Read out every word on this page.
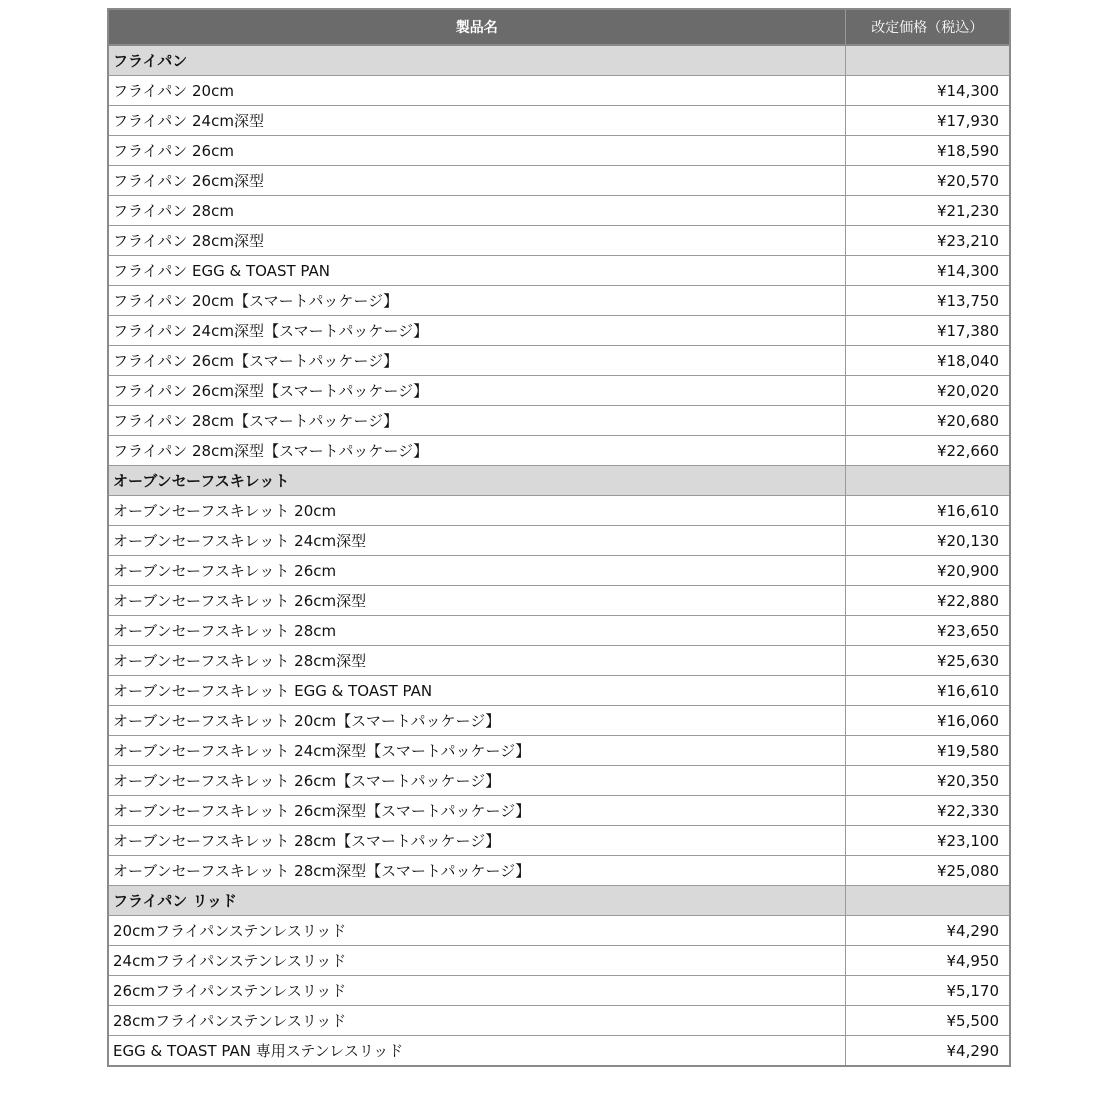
製品名	改定価格（税込）
フライパン	
フライパン 20cm	¥14,300
フライパン 24cm深型	¥17,930
フライパン 26cm	¥18,590
フライパン 26cm深型	¥20,570
フライパン 28cm	¥21,230
フライパン 28cm深型	¥23,210
フライパン EGG & TOAST PAN	¥14,300
フライパン 20cm【スマートパッケージ】	¥13,750
フライパン 24cm深型【スマートパッケージ】	¥17,380
フライパン 26cm【スマートパッケージ】	¥18,040
フライパン 26cm深型【スマートパッケージ】	¥20,020
フライパン 28cm【スマートパッケージ】	¥20,680
フライパン 28cm深型【スマートパッケージ】	¥22,660
オーブンセーフスキレット	
オーブンセーフスキレット 20cm	¥16,610
オーブンセーフスキレット 24cm深型	¥20,130
オーブンセーフスキレット 26cm	¥20,900
オーブンセーフスキレット 26cm深型	¥22,880
オーブンセーフスキレット 28cm	¥23,650
オーブンセーフスキレット 28cm深型	¥25,630
オーブンセーフスキレット EGG & TOAST PAN	¥16,610
オーブンセーフスキレット 20cm【スマートパッケージ】	¥16,060
オーブンセーフスキレット 24cm深型【スマートパッケージ】	¥19,580
オーブンセーフスキレット 26cm【スマートパッケージ】	¥20,350
オーブンセーフスキレット 26cm深型【スマートパッケージ】	¥22,330
オーブンセーフスキレット 28cm【スマートパッケージ】	¥23,100
オーブンセーフスキレット 28cm深型【スマートパッケージ】	¥25,080
フライパン リッド	
20cmフライパンステンレスリッド	¥4,290
24cmフライパンステンレスリッド	¥4,950
26cmフライパンステンレスリッド	¥5,170
28cmフライパンステンレスリッド	¥5,500
EGG & TOAST PAN 専用ステンレスリッド	¥4,290
